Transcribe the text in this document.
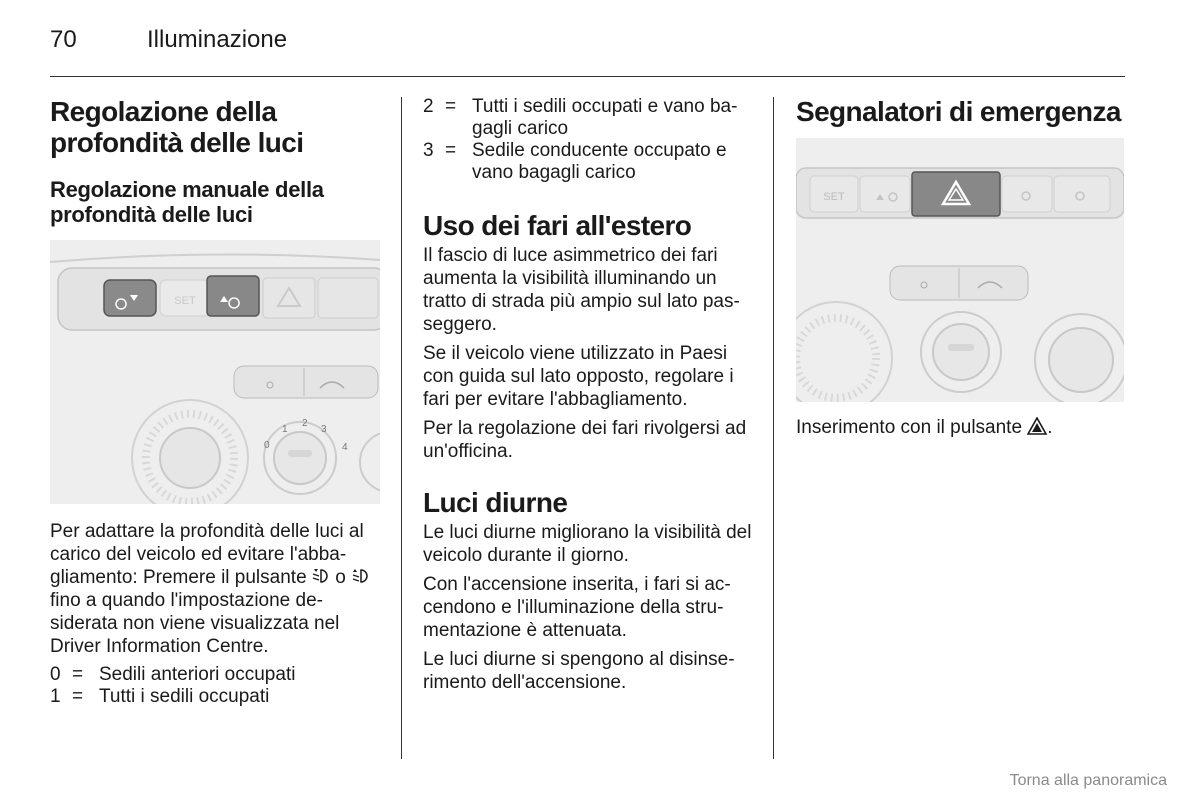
70	Illuminazione
Regolazione della profondità delle luci
Regolazione manuale della profondità delle luci
SET
1
2
3
0	4

Per adattare la profondità delle luci al carico del veicolo ed evitare l'abba-gliamento: Premere il pulsante o  fino a quando l'impostazione de-siderata non viene visualizzata nel Driver Information Centre.

0 = Sedili anteriori occupati
1 = Tutti i sedili occupati
2 = Tutti i sedili occupati e vano ba-gagli carico
3 = Sedile conducente occupato e vano bagagli carico
Uso dei fari all'estero

Il fascio di luce asimmetrico dei fari aumenta la visibilità illuminando un tratto di strada più ampio sul lato pas-seggero.

Se il veicolo viene utilizzato in Paesi con guida sul lato opposto, regolare i fari per evitare l'abbagliamento.

Per la regolazione dei fari rivolgersi ad un'officina.

Luci diurne

Le luci diurne migliorano la visibilità del veicolo durante il giorno.

Con l'accensione inserita, i fari si ac-cendono e l'illuminazione della stru-mentazione è attenuata.

Le luci diurne si spengono al disinse-rimento dell'accensione.

Segnalatori di emergenza
SET

Inserimento con il pulsante .

Torna alla panoramica
